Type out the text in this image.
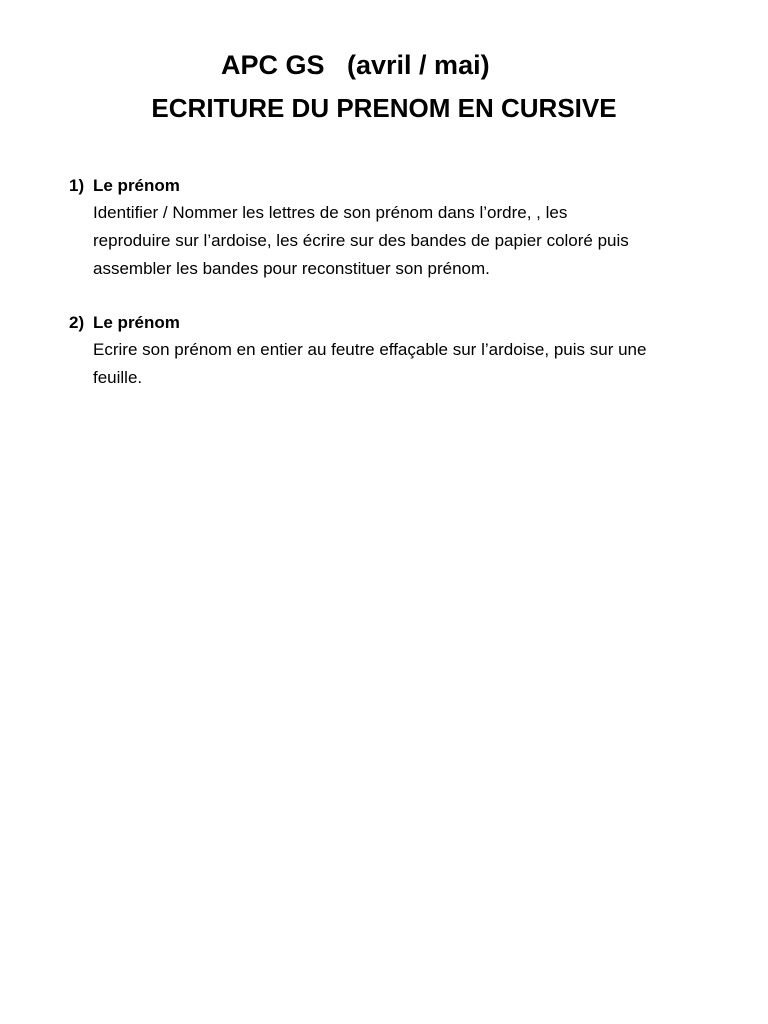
APC GS   (avril / mai)
ECRITURE DU PRENOM EN CURSIVE
1) Le prénom
Identifier / Nommer les lettres de son prénom dans l’ordre, , les
reproduire sur l’ardoise, les écrire sur des bandes de papier coloré puis
assembler les bandes pour reconstituer son prénom.
2) Le prénom
Ecrire son prénom en entier au feutre effaçable sur l’ardoise, puis sur une
feuille.
